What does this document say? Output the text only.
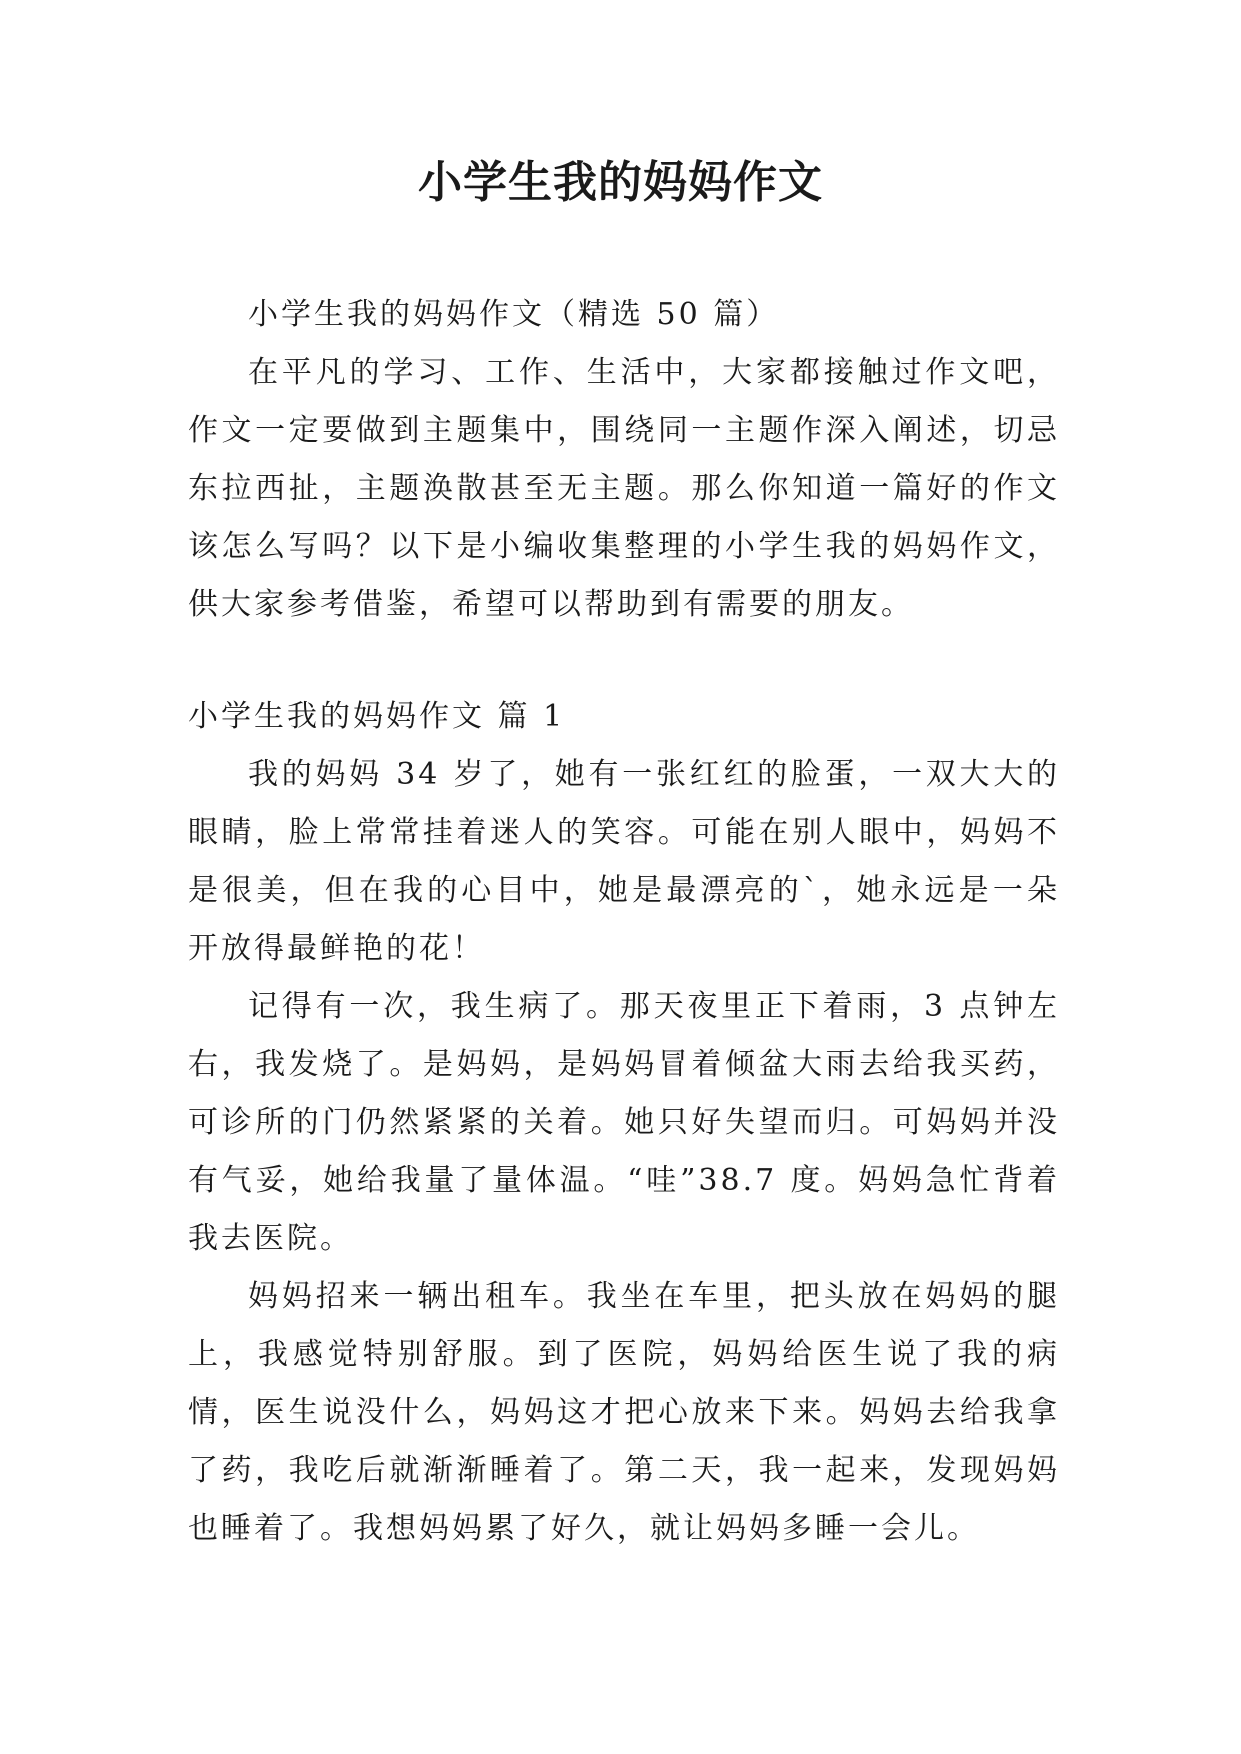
小学生我的妈妈作文

小学生我的妈妈作文（精选 50 篇）

在平凡的学习、工作、生活中，大家都接触过作文吧，作文一定要做到主题集中，围绕同一主题作深入阐述，切忌东拉西扯，主题涣散甚至无主题。那么你知道一篇好的作文该怎么写吗？以下是小编收集整理的小学生我的妈妈作文，供大家参考借鉴，希望可以帮助到有需要的朋友。

小学生我的妈妈作文 篇 1

我的妈妈 34 岁了，她有一张红红的脸蛋，一双大大的眼睛，脸上常常挂着迷人的笑容。可能在别人眼中，妈妈不是很美，但在我的心目中，她是最漂亮的`，她永远是一朵开放得最鲜艳的花！

记得有一次，我生病了。那天夜里正下着雨，3 点钟左右，我发烧了。是妈妈，是妈妈冒着倾盆大雨去给我买药，可诊所的门仍然紧紧的关着。她只好失望而归。可妈妈并没有气妥，她给我量了量体温。“哇”38.7 度。妈妈急忙背着我去医院。

妈妈招来一辆出租车。我坐在车里，把头放在妈妈的腿上，我感觉特别舒服。到了医院，妈妈给医生说了我的病情，医生说没什么，妈妈这才把心放来下来。妈妈去给我拿了药，我吃后就渐渐睡着了。第二天，我一起来，发现妈妈也睡着了。我想妈妈累了好久，就让妈妈多睡一会儿。
